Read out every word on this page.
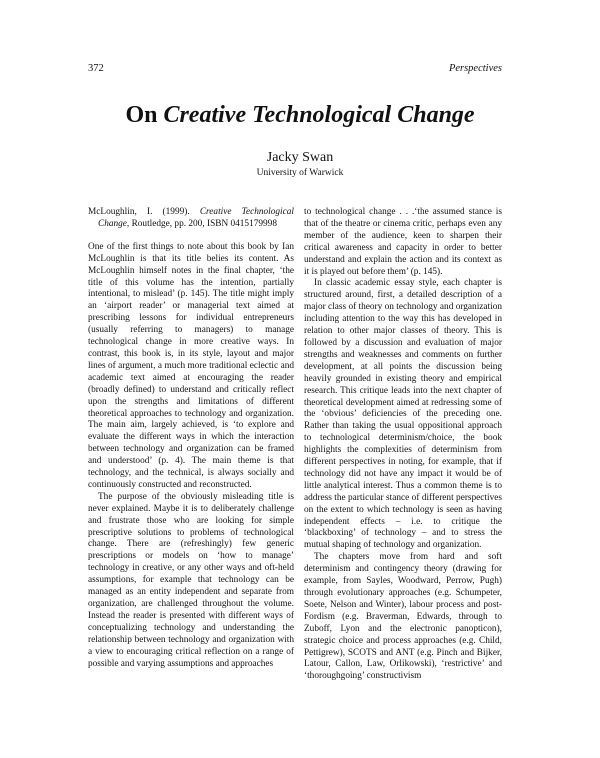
372	Perspectives
On Creative Technological Change
Jacky Swan
University of Warwick

McLoughlin, I. (1999). Creative Technological Change, Routledge, pp. 200, ISBN 0415179998

One of the first things to note about this book by Ian McLoughlin is that its title belies its content. As McLoughlin himself notes in the final chapter, ‘the title of this volume has the intention, partially intentional, to mislead’ (p. 145). The title might imply an ‘airport reader’ or managerial text aimed at prescribing lessons for individual entrepreneurs (usually referring to managers) to manage technological change in more creative ways. In contrast, this book is, in its style, layout and major lines of argument, a much more traditional eclectic and academic text aimed at encouraging the reader (broadly defined) to understand and critically reflect upon the strengths and limitations of different theoretical approaches to technology and organization. The main aim, largely achieved, is ‘to explore and evaluate the different ways in which the interaction between technology and organization can be framed and understood’ (p. 4). The main theme is that technology, and the technical, is always socially and continuously constructed and reconstructed.

The purpose of the obviously misleading title is never explained. Maybe it is to deliberately challenge and frustrate those who are looking for simple prescriptive solutions to problems of technological change. There are (refreshingly) few generic prescriptions or models on ‘how to manage’ technology in creative, or any other ways and oft-held assumptions, for example that technology can be managed as an entity independent and separate from organization, are challenged throughout the volume. Instead the reader is presented with different ways of conceptualizing technology and understanding the relationship between technology and organization with a view to encouraging critical reflection on a range of possible and varying assumptions and approaches

to technological change . . .‘the assumed stance is that of the theatre or cinema critic, perhaps even any member of the audience, keen to sharpen their critical awareness and capacity in order to better understand and explain the action and its context as it is played out before them’ (p. 145).

In classic academic essay style, each chapter is structured around, first, a detailed description of a major class of theory on technology and organization including attention to the way this has developed in relation to other major classes of theory. This is followed by a discussion and evaluation of major strengths and weaknesses and comments on further development, at all points the discussion being heavily grounded in existing theory and empirical research. This critique leads into the next chapter of theoretical development aimed at redressing some of the ‘obvious’ deficiencies of the preceding one. Rather than taking the usual oppositional approach to technological determinism/choice, the book highlights the complexities of determinism from different perspectives in noting, for example, that if technology did not have any impact it would be of little analytical interest. Thus a common theme is to address the particular stance of different perspectives on the extent to which technology is seen as having independent effects – i.e. to critique the ‘blackboxing’ of technology – and to stress the mutual shaping of technology and organization.

The chapters move from hard and soft determinism and contingency theory (drawing for example, from Sayles, Woodward, Perrow, Pugh) through evolutionary approaches (e.g. Schumpeter, Soete, Nelson and Winter), labour process and post-Fordism (e.g. Braverman, Edwards, through to Zuboff, Lyon and the electronic panopticon), strategic choice and process approaches (e.g. Child, Pettigrew), SCOTS and ANT (e.g. Pinch and Bijker, Latour, Callon, Law, Orlikowski), ‘restrictive’ and ‘thoroughgoing’ constructivism
